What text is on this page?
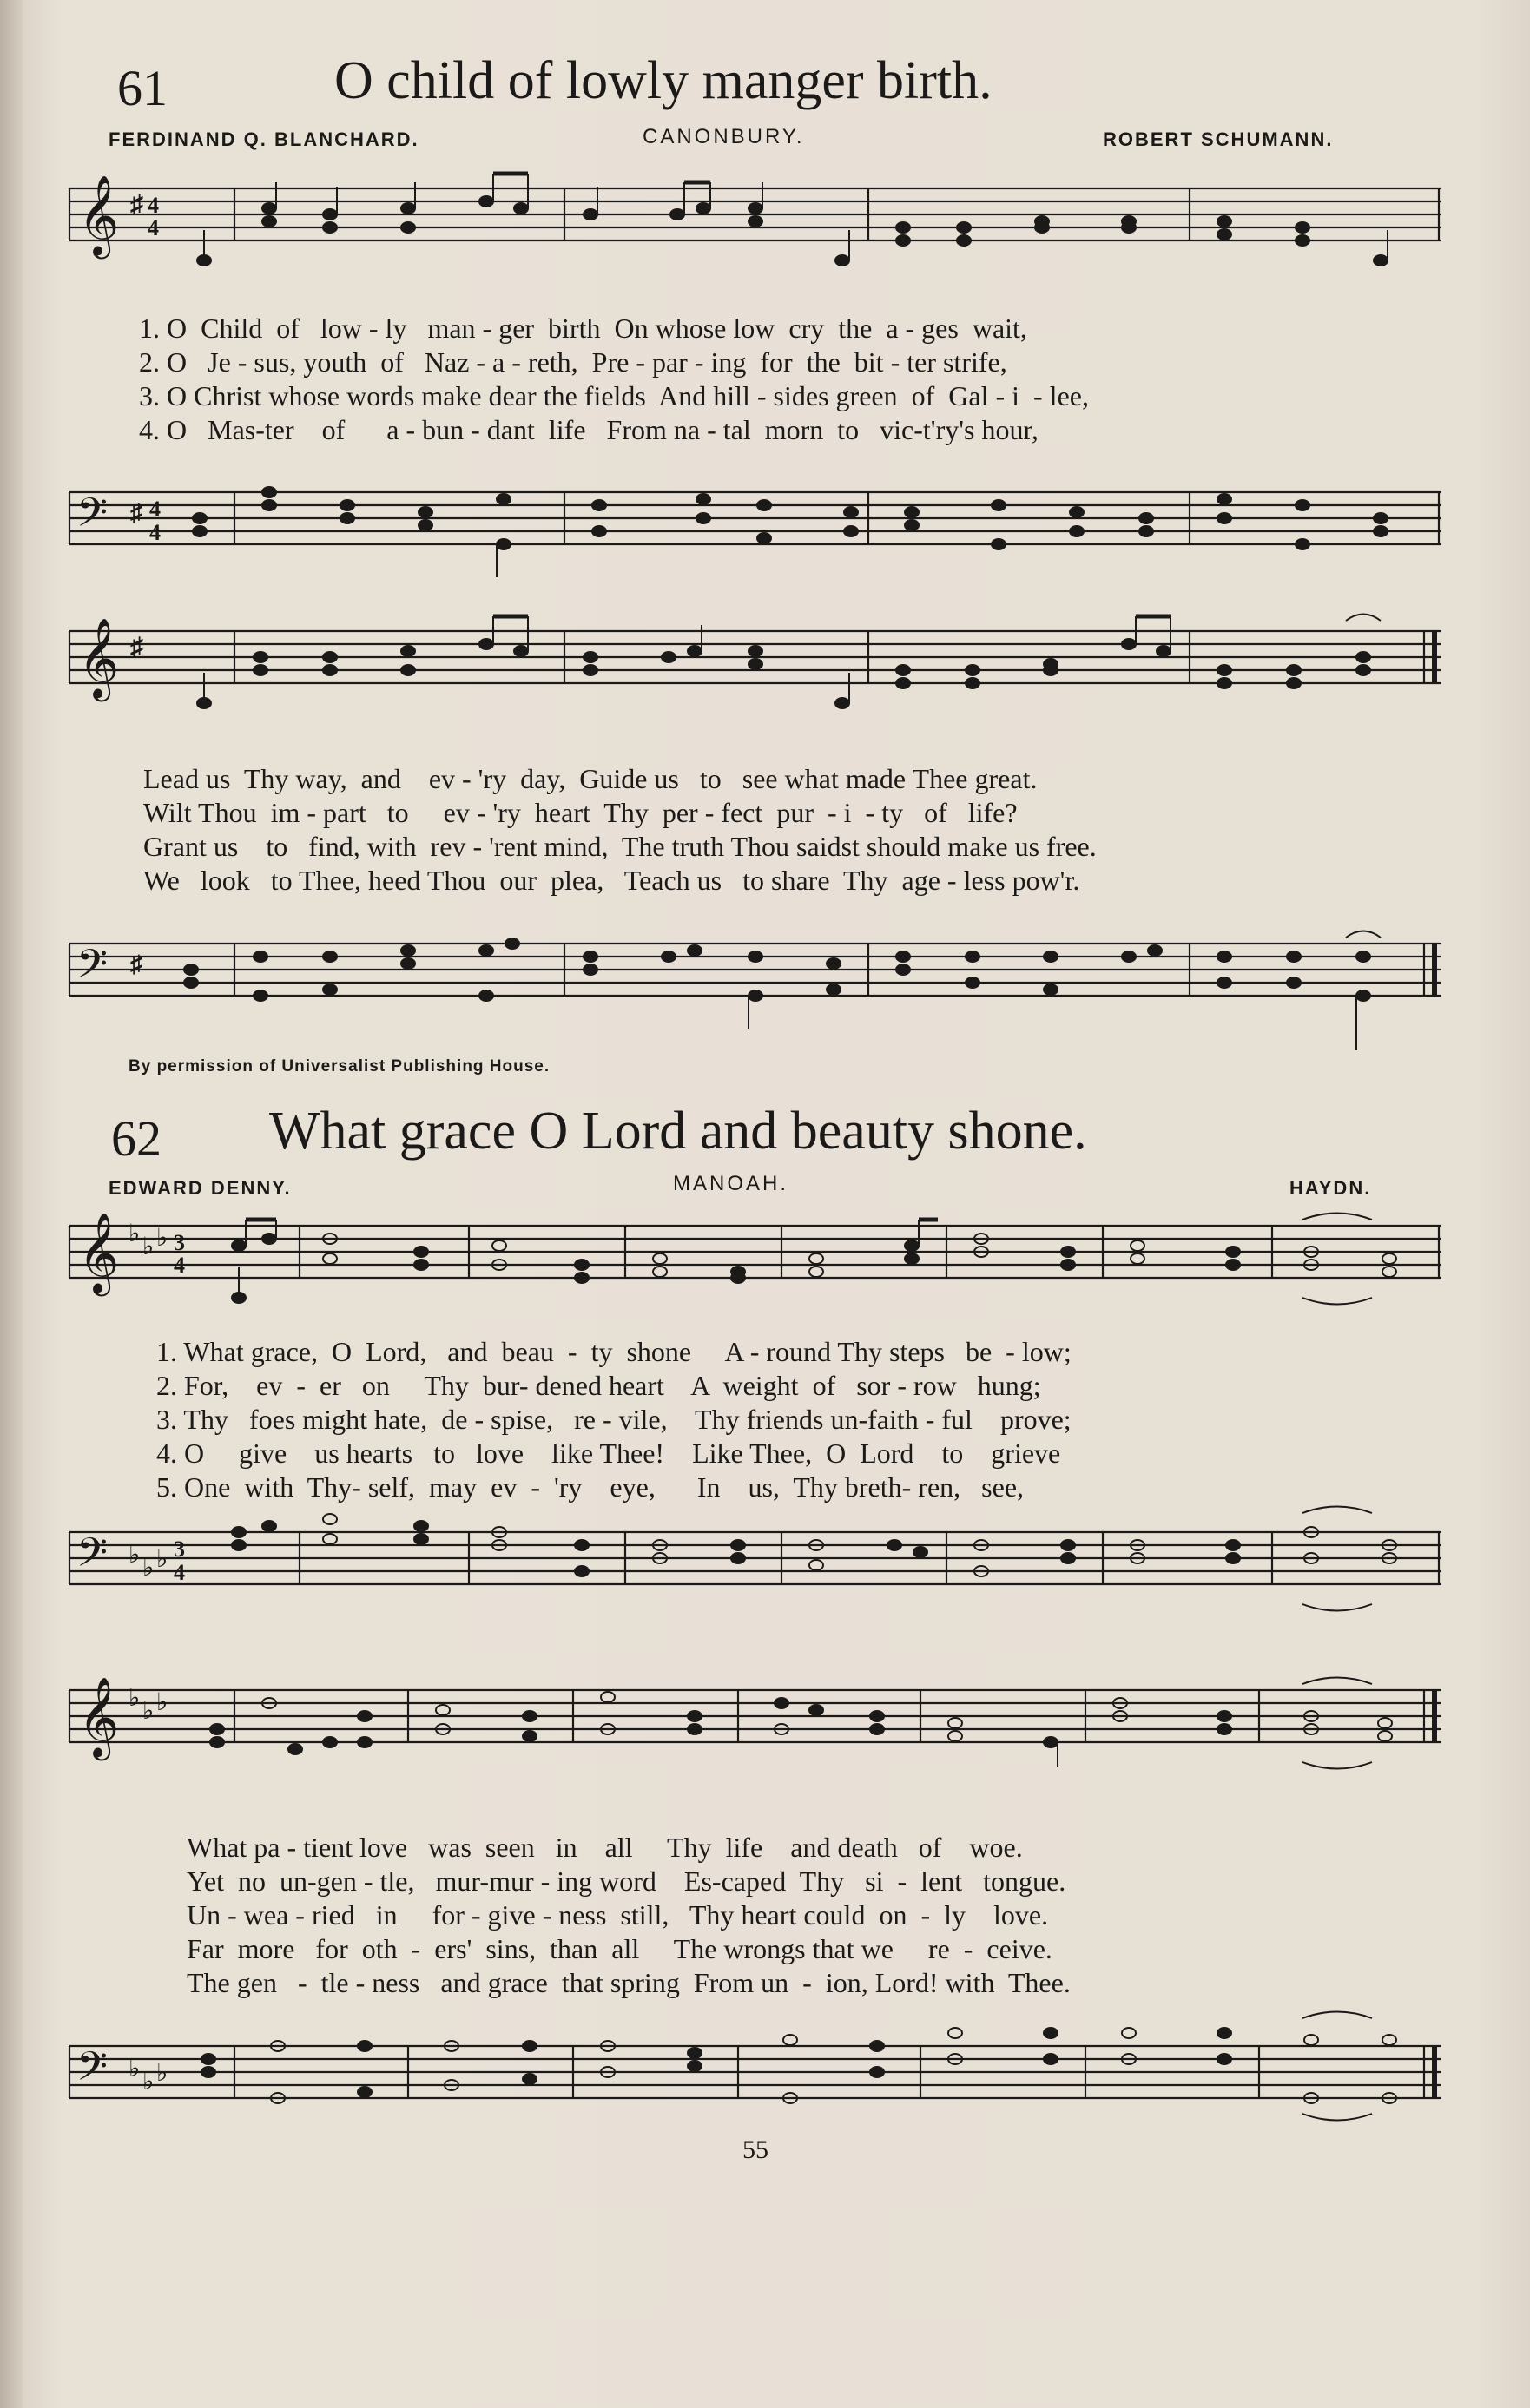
61	O child of lowly manger birth.
FERDINAND Q. BLANCHARD.	CANONBURY.	ROBERT SCHUMANN.
𝄞 ♯ 4
4
1. O  Child  of   low - ly   man - ger  birth  On whose low  cry  the  a - ges  wait,
2. O   Je - sus, youth  of   Naz - a - reth,  Pre - par - ing  for  the  bit - ter strife,
3. O Christ whose words make dear the fields  And hill - sides green  of  Gal - i  - lee,
4. O   Mas-ter    of      a - bun - dant  life   From na - tal  morn  to   vic-t'ry's hour,
𝄢 ♯ 4
4
𝄞 ♯
Lead us  Thy way,  and    ev - 'ry  day,  Guide us   to   see what made Thee great.
Wilt Thou  im - part   to     ev - 'ry  heart  Thy  per - fect  pur  - i  - ty   of   life?
Grant us    to   find, with  rev - 'rent mind,  The truth Thou saidst should make us free.
We   look   to Thee, heed Thou  our  plea,   Teach us   to share  Thy  age - less pow'r.
𝄢 ♯
By permission of Universalist Publishing House.
62 What grace O Lord and beauty shone.
EDWARD DENNY.	MANOAH.	HAYDN.
𝄞 ♭ ♭ ♭ 3
4
1. What grace,  O  Lord,   and  beau  -  ty  shone     A - round Thy steps   be  - low;
2. For,    ev  -  er   on     Thy  bur- dened heart    A  weight  of   sor - row   hung;
3. Thy   foes might hate,  de - spise,   re - vile,    Thy friends un-faith - ful    prove;
4. O     give    us hearts   to   love    like Thee!    Like Thee,  O  Lord    to    grieve
5. One  with  Thy- self,  may  ev  -  'ry    eye,      In    us,  Thy breth- ren,   see,
𝄢 ♭ ♭ ♭ 3
4
𝄞 ♭ ♭ ♭
What pa - tient love   was  seen   in    all     Thy  life    and death   of    woe.
Yet  no  un-gen - tle,   mur-mur - ing word    Es-caped  Thy   si  -  lent   tongue.
Un - wea - ried   in     for - give - ness  still,   Thy heart could  on  -  ly    love.
Far  more   for  oth  -  ers'  sins,  than  all     The wrongs that we     re  -  ceive.
The gen   -  tle - ness   and grace  that spring  From un  -  ion, Lord! with  Thee.
𝄢 ♭ ♭ ♭
55
